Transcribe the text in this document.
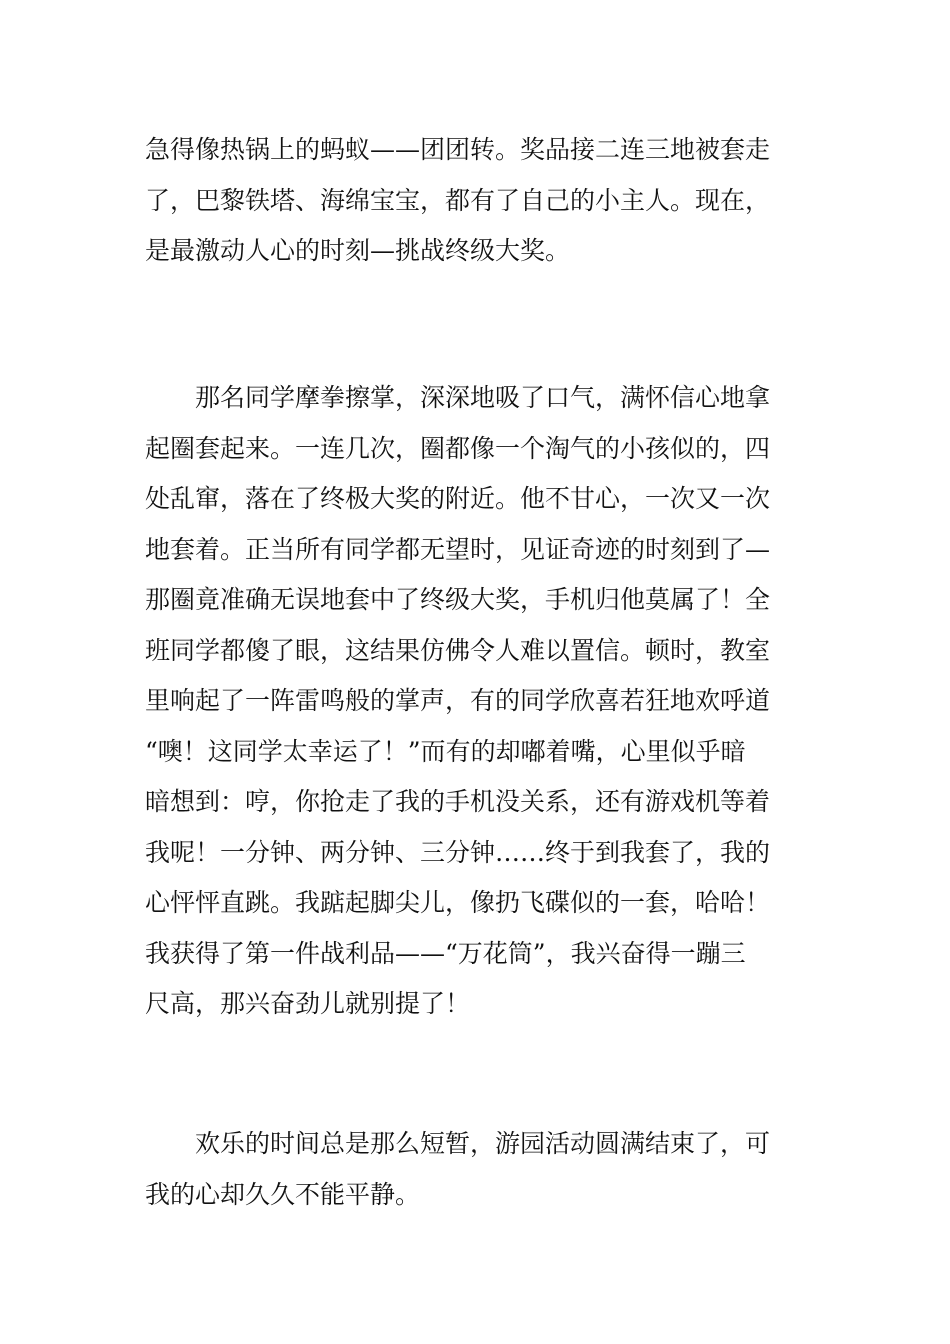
急得像热锅上的蚂蚁——团团转。奖品接二连三地被套走
了，巴黎铁塔、海绵宝宝，都有了自己的小主人。现在，
是最激动人心的时刻—挑战终级大奖。

　　那名同学摩拳擦掌，深深地吸了口气，满怀信心地拿
起圈套起来。一连几次，圈都像一个淘气的小孩似的，四
处乱窜，落在了终极大奖的附近。他不甘心，一次又一次
地套着。正当所有同学都无望时，见证奇迹的时刻到了—
那圈竟准确无误地套中了终级大奖，手机归他莫属了！全
班同学都傻了眼，这结果仿佛令人难以置信。顿时，教室
里响起了一阵雷鸣般的掌声，有的同学欣喜若狂地欢呼道
“噢！这同学太幸运了！”而有的却嘟着嘴，心里似乎暗
暗想到：哼，你抢走了我的手机没关系，还有游戏机等着
我呢！一分钟、两分钟、三分钟……终于到我套了，我的
心怦怦直跳。我踮起脚尖儿，像扔飞碟似的一套，哈哈！
我获得了第一件战利品——“万花筒”，我兴奋得一蹦三
尺高，那兴奋劲儿就别提了！

　　欢乐的时间总是那么短暂，游园活动圆满结束了，可
我的心却久久不能平静。
